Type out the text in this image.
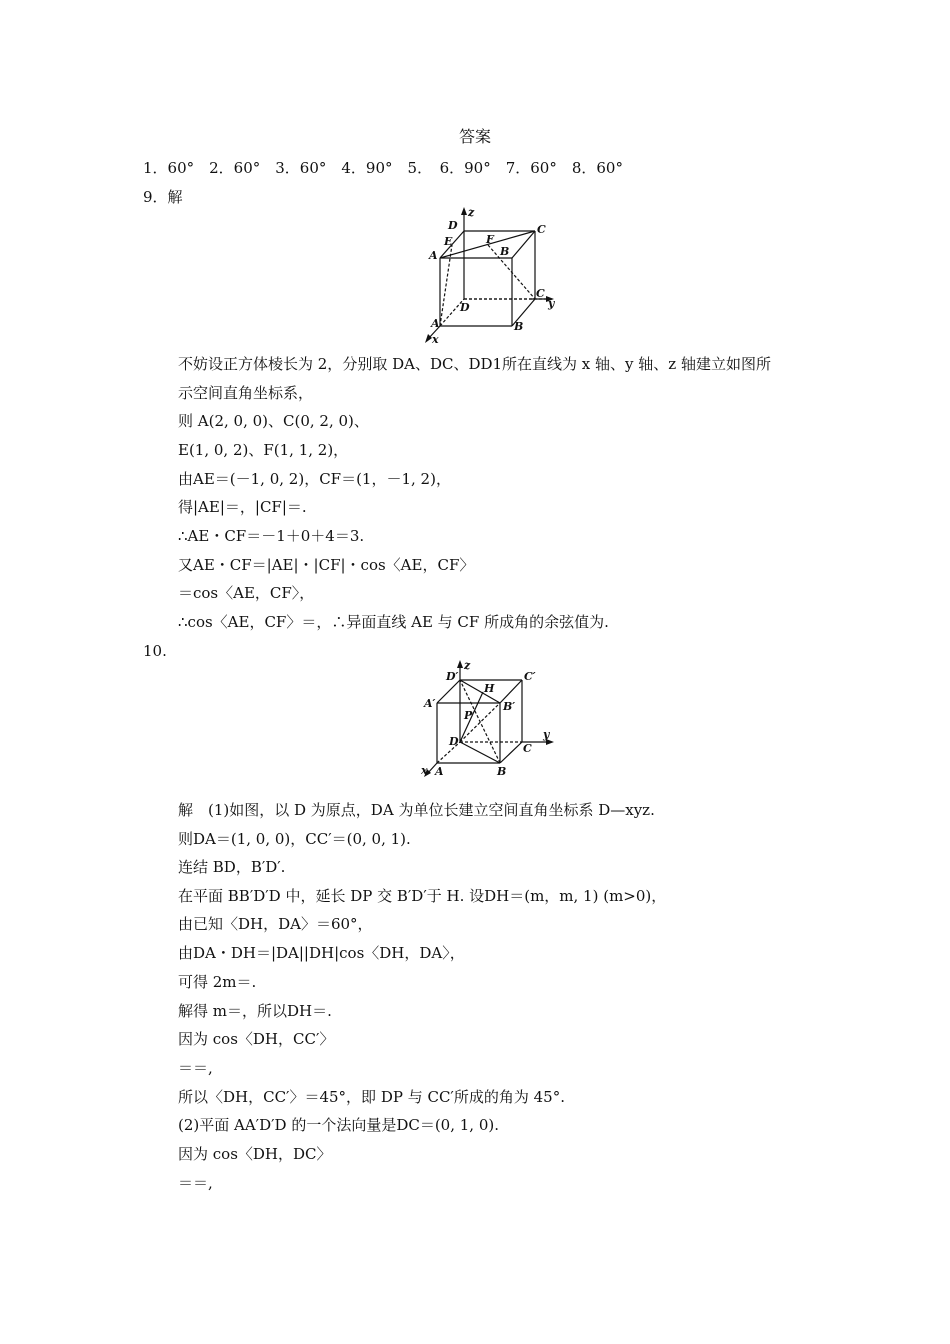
答案
1．60°　2．60°　3．60°　4．90°　5．　6．90°　7．60°　8．60°
9．解
z
D	C
E	F
B
A
C
y
D
A	B
x
不妨设正方体棱长为 2，分别取 DA、DC、DD1所在直线为 x 轴、y 轴、z 轴建立如图所
示空间直角坐标系，
则 A(2, 0, 0)、C(0, 2, 0)、
E(1, 0, 2)、F(1, 1, 2)，
由AE＝(－1, 0, 2)，CF＝(1，－1, 2)，
得|AE|＝，|CF|＝.
∴AE・CF＝－1＋0＋4＝3.
又AE・CF＝|AE|・|CF|・cos〈AE，CF〉
＝cos〈AE，CF〉，
∴cos〈AE，CF〉＝，∴异面直线 AE 与 CF 所成角的余弦值为.
10.
z
D′
H
C′
A′	B′
P
D
y
C
x A	B
解　(1)如图，以 D 为原点，DA 为单位长建立空间直角坐标系 D—xyz.
则DA＝(1, 0, 0)，CC′＝(0, 0, 1).
连结 BD，B′D′.
在平面 BB′D′D 中，延长 DP 交 B′D′于 H. 设DH＝(m，m, 1) (m>0)，
由已知〈DH，DA〉＝60°，
由DA・DH＝|DA||DH|cos〈DH，DA〉，
可得 2m＝.
解得 m＝，所以DH＝.
因为 cos〈DH，CC′〉
＝＝,
所以〈DH，CC′〉＝45°，即 DP 与 CC′所成的角为 45°.
(2)平面 AA′D′D 的一个法向量是DC＝(0, 1, 0).
因为 cos〈DH，DC〉
＝＝,
